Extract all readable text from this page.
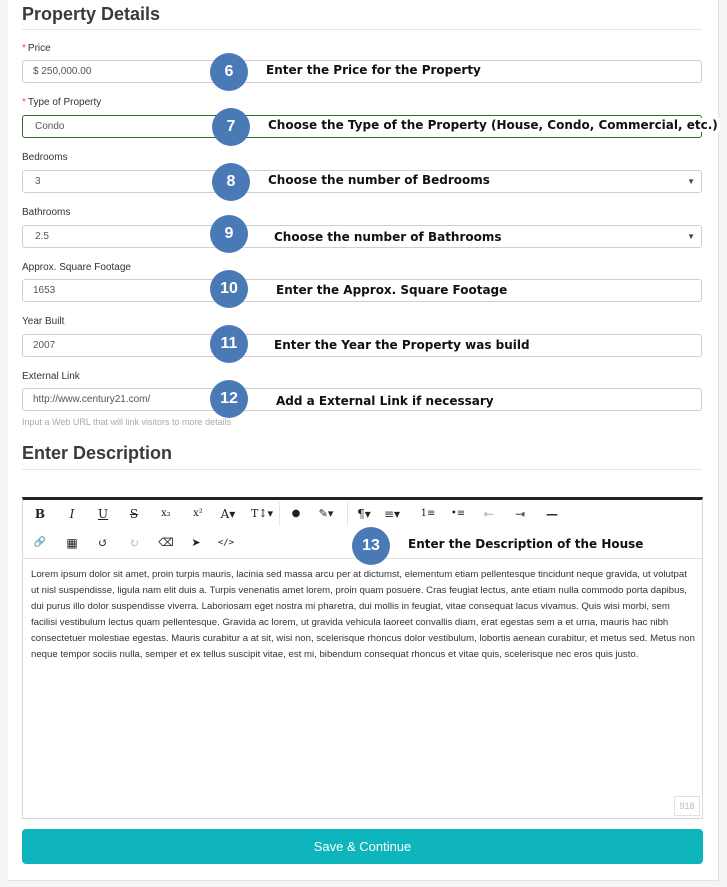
Property Details
* Price
$ 250,000.00	6	Enter the Price for the Property
* Type of Property
Condo	7	Choose the Type of the Property (House, Condo, Commercial, etc.)
Bedrooms
3	▼
8	Choose the number of Bedrooms
Bathrooms
2.5	▼
9	Choose the number of Bathrooms
Approx. Square Footage
1653	10	Enter the Approx. Square Footage
Year Built
2007	11	Enter the Year the Property was build
External Link
http://www.century21.com/
Input a Web URL that will link visitors to more details
12	Add a External Link if necessary
Enter Description
B	I	U	S	x₂	x²	A▾ T↕▾	●	✎▾ ¶▾ ≡▾ 1≡ •≡	⇤	⇥	—
🔗 ▦	↺	↻	⌫	➤	</>
Lorem ipsum dolor sit amet, proin turpis mauris, lacinia sed massa arcu per at dictumst, elementum etiam pellentesque tincidunt neque gravida, ut volutpat ut nisl suspendisse, ligula nam elit duis a. Turpis venenatis amet lorem, proin quam posuere. Cras feugiat lectus, ante etiam nulla commodo porta dapibus, dui purus illo dolor suspendisse viverra. Laboriosam eget nostra mi pharetra, dui mollis in feugiat, vitae consequat lacus vivamus. Quis wisi morbi, sem facilisi vestibulum lectus quam pellentesque. Gravida ac lorem, ut gravida vehicula laoreet convallis diam, erat egestas sem a et urna, mauris hac nibh consectetuer molestiae egestas. Mauris curabitur a at sit, wisi non, scelerisque rhoncus dolor vestibulum, lobortis aenean curabitur, et metus sed. Metus non neque tempor sociis nulla, semper et ex tellus suscipit vitae, est mi, bibendum consequat rhoncus et vitae quis, scelerisque nec eros quis justo.
918
13	Enter the Description of the House
Save & Continue
